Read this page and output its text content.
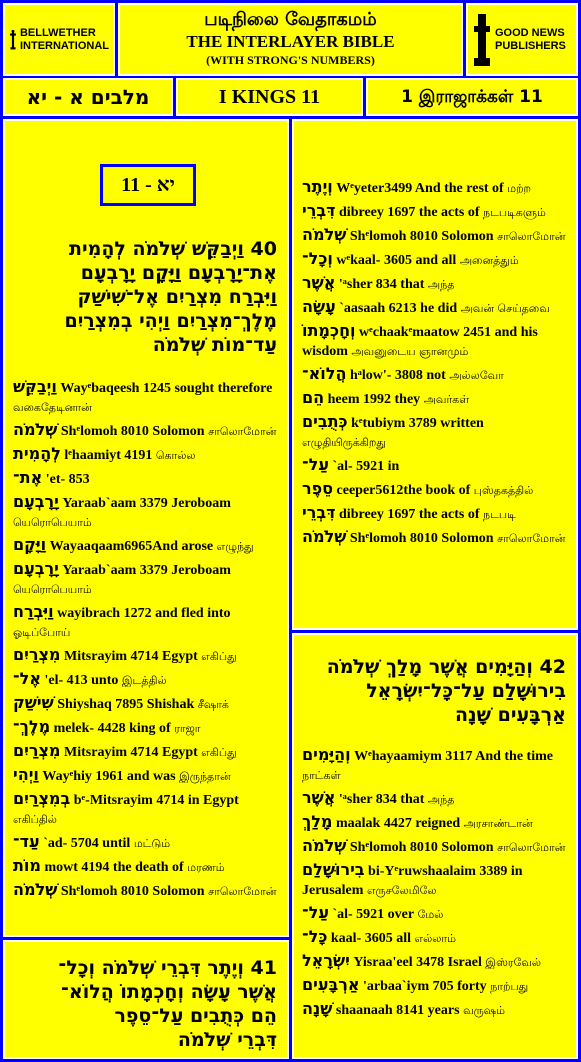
BELLWETHER
INTERNATIONAL
படிநிலை வேதாகமம்
THE INTERLAYER BIBLE
(WITH STRONG'S NUMBERS)
GOOD NEWS
PUBLISHERS
מלבים א - יא	I KINGS 11	1 இராஜாக்கள் 11
יא - 11
40 וַיְבַקֵּשׁ שְׁלֹמֹה לְהָמִית
אֶת־יָרָבְעָם וַיָּקָם יָרָבְעָם
וַיִּבְרַח מִצְרַיִם אֶל־שִׁישַׁק
מֶלֶךְ־מִצְרַיִם וַיְהִי בְמִצְרַיִם
עַד־מוֹת שְׁלֹמֹה
וַיְבַקֵּשׁ Wayᵉbaqeesh 1245 sought therefore வகைதேடினான்
שְׁלֹמֹה Shᵉlomoh 8010 Solomon சாலொமோன்
לְהָמִית lᵉhaamiyt 4191 கொல்ல
אֶת־ 'et- 853
יָרָבְעָם Yaraab`aam 3379 Jeroboam யெரொபெயாம்
וַיָּקָם Wayaaqaam6965And arose எழுந்து
יָרָבְעָם Yaraab`aam 3379 Jeroboam யெரொபெயாம்
וַיִּבְרַח wayibrach 1272 and fled into ஓடிப்போய்
מִצְרַיִם Mitsrayim 4714 Egypt எகிப்து
אֶל־ 'el- 413 unto இடத்தில்
שִׁישַׁק Shiyshaq 7895 Shishak சீஷாக்
מֶלֶךְ־ melek- 4428 king of ராஜா
מִצְרַיִם Mitsrayim 4714 Egypt எகிப்து
וַיְהִי Wayᵉhiy 1961 and was இருந்தான்
בְמִצְרַיִם bᵉ-Mitsrayim 4714 in Egypt எகிப்தில்
עַד־ `ad- 5704 until மட்டும்
מוֹת mowt 4194 the death of மரணம்
שְׁלֹמֹה Shᵉlomoh 8010 Solomon சாலொமோன்
41 וְיֶתֶר דִּבְרֵי שְׁלֹמֹה וְכָל־
אֲשֶׁר עָשָׂה וְחָכְמָתוֹ הֲלוֹא־
הֵם כְּתֻבִים עַל־סֵפֶר
דִּבְרֵי שְׁלֹמֹה
וְיֶתֶר Wᵉyeter3499 And the rest of மற்ற
דִּבְרֵי dibreey 1697 the acts of நடபடிகளும்
שְׁלֹמֹה Shᵉlomoh 8010 Solomon சாலொமோன்
וְכָל־ wᵉkaal- 3605 and all அனைத்தும்
אֲשֶׁר 'ᵃsher 834 that அந்த
עָשָׂה `aasaah 6213 he did அவன் செய்தவை
וְחָכְמָתוֹ wᵉchaakᵉmaatow 2451 and his wisdom அவனுடைய ஞானமும்
הֲלוֹא־ hᵃlow'- 3808 not அல்லவோ
הֵם heem 1992 they அவர்கள்
כְּתֻבִים kᵉtubiym 3789 written எழுதியிருக்கிறது
עַל־ `al- 5921 in
סֵפֶר ceeper5612the book of புஸ்தகத்தில்
דִּבְרֵי dibreey 1697 the acts of நடபடி
שְׁלֹמֹה Shᵉlomoh 8010 Solomon சாலொமோன்
42 וְהַיָּמִים אֲשֶׁר מָלַךְ שְׁלֹמֹה
בִירוּשָׁלִַם עַל־כָּל־יִשְׂרָאֵל
אַרְבָּעִים שָׁנָה
וְהַיָּמִים Wᵉhayaamiym 3117 And the time நாட்கள்
אֲשֶׁר 'ᵃsher 834 that அந்த
מָלַךְ maalak 4427 reigned அரசாண்டான்
שְׁלֹמֹה Shᵉlomoh 8010 Solomon சாலொமோன்
בִירוּשָׁלִַם bi-Yᵉruwshaalaim 3389 in Jerusalem எருசலேமிலே
עַל־ `al- 5921 over மேல்
כָּל־ kaal- 3605 all எல்லாம்
יִשְׂרָאֵל Yisraa'eel 3478 Israel இஸ்ரவேல்
אַרְבָּעִים 'arbaa`iym 705 forty நாற்பது
שָׁנָה shaanaah 8141 years வருஷம்
